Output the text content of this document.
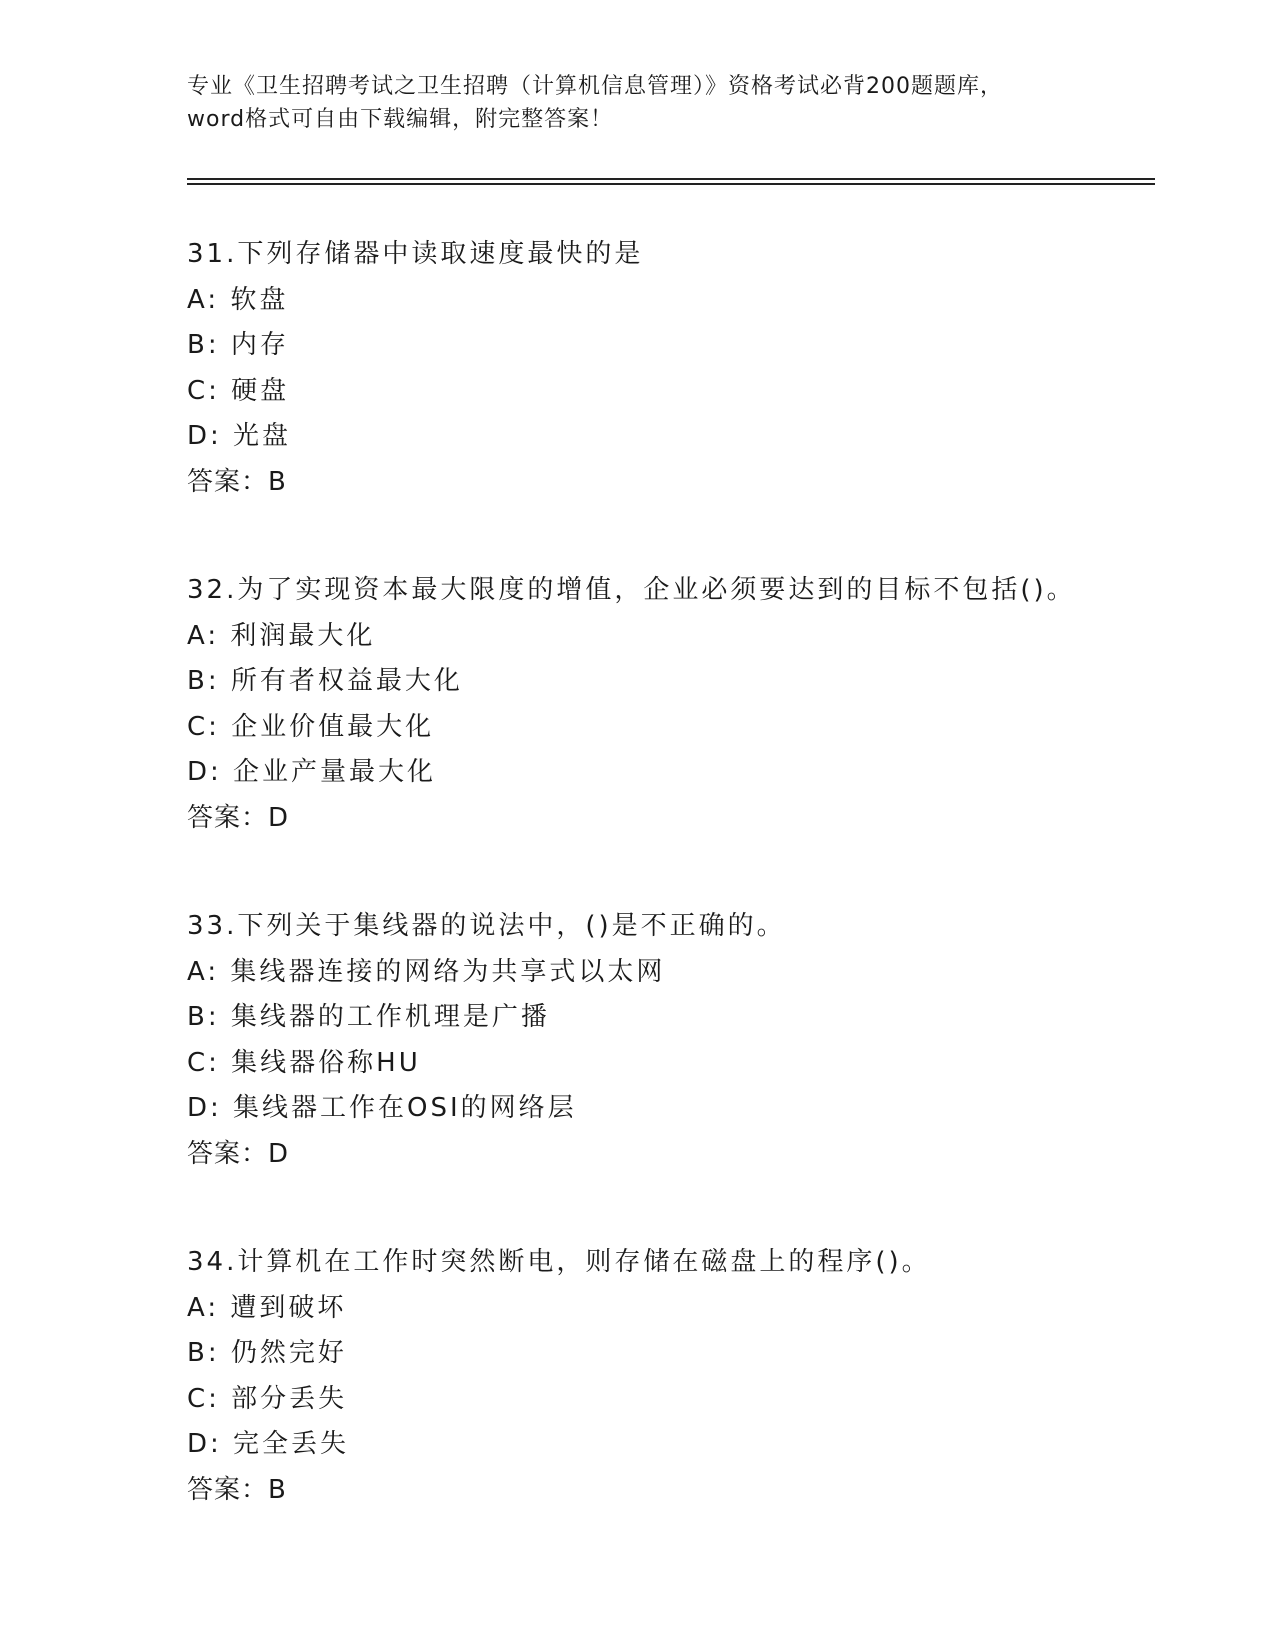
专业《卫生招聘考试之卫生招聘（计算机信息管理）》资格考试必背200题题库，
word格式可自由下载编辑，附完整答案！
31.下列存储器中读取速度最快的是
A: 软盘
B: 内存
C: 硬盘
D: 光盘
答案：B
32.为了实现资本最大限度的增值，企业必须要达到的目标不包括()。
A: 利润最大化
B: 所有者权益最大化
C: 企业价值最大化
D: 企业产量最大化
答案：D
33.下列关于集线器的说法中，()是不正确的。
A: 集线器连接的网络为共享式以太网
B: 集线器的工作机理是广播
C: 集线器俗称HU
D: 集线器工作在OSI的网络层
答案：D
34.计算机在工作时突然断电，则存储在磁盘上的程序()。
A: 遭到破坏
B: 仍然完好
C: 部分丢失
D: 完全丢失
答案：B
